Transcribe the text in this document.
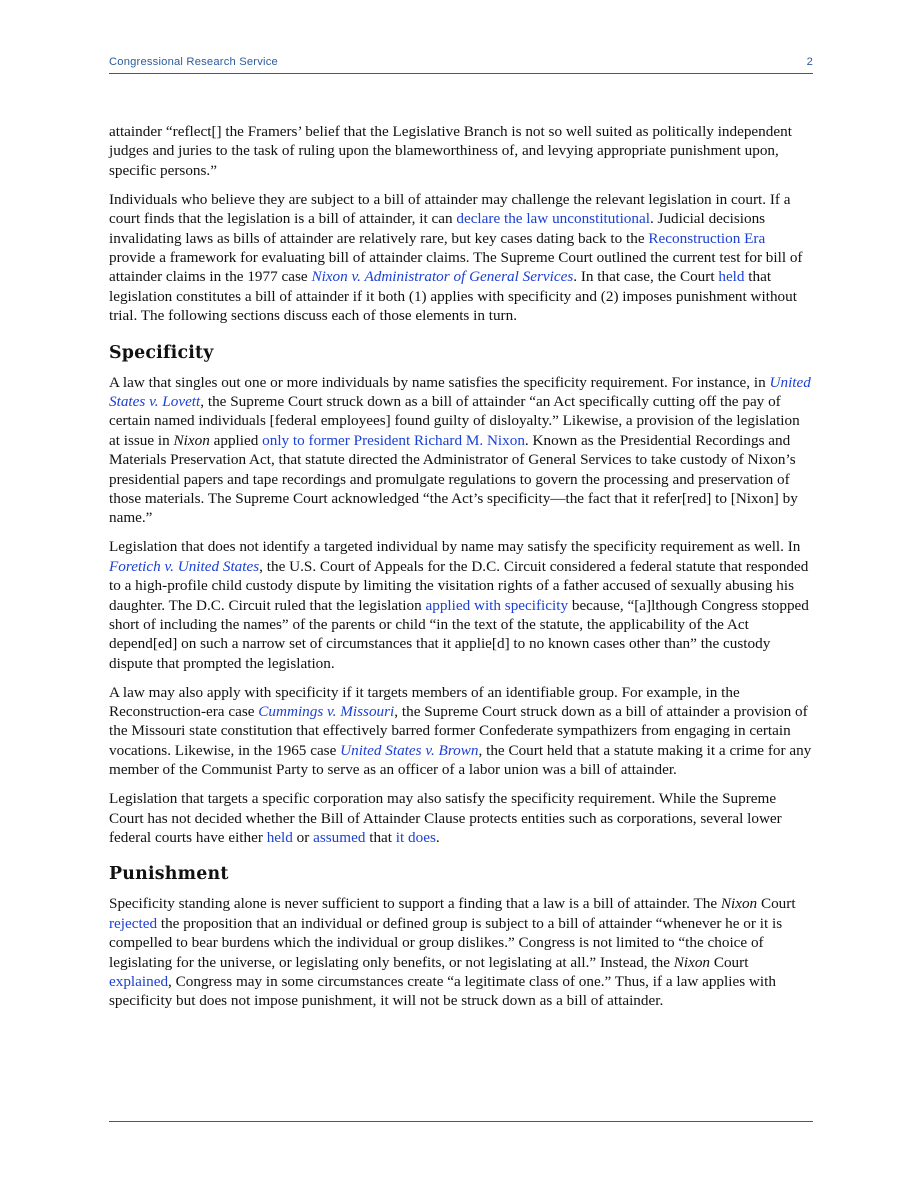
Congressional Research Service	2

attainder “reflect[] the Framers’ belief that the Legislative Branch is not so well suited as politically independent judges and juries to the task of ruling upon the blameworthiness of, and levying appropriate punishment upon, specific persons.”

Individuals who believe they are subject to a bill of attainder may challenge the relevant legislation in court. If a court finds that the legislation is a bill of attainder, it can declare the law unconstitutional. Judicial decisions invalidating laws as bills of attainder are relatively rare, but key cases dating back to the Reconstruction Era provide a framework for evaluating bill of attainder claims. The Supreme Court outlined the current test for bill of attainder claims in the 1977 case Nixon v. Administrator of General Services. In that case, the Court held that legislation constitutes a bill of attainder if it both (1) applies with specificity and (2) imposes punishment without trial. The following sections discuss each of those elements in turn.

Specificity

A law that singles out one or more individuals by name satisfies the specificity requirement. For instance, in United States v. Lovett, the Supreme Court struck down as a bill of attainder “an Act specifically cutting off the pay of certain named individuals [federal employees] found guilty of disloyalty.” Likewise, a provision of the legislation at issue in Nixon applied only to former President Richard M. Nixon. Known as the Presidential Recordings and Materials Preservation Act, that statute directed the Administrator of General Services to take custody of Nixon’s presidential papers and tape recordings and promulgate regulations to govern the processing and preservation of those materials. The Supreme Court acknowledged “the Act’s specificity—the fact that it refer[red] to [Nixon] by name.”

Legislation that does not identify a targeted individual by name may satisfy the specificity requirement as well. In Foretich v. United States, the U.S. Court of Appeals for the D.C. Circuit considered a federal statute that responded to a high-profile child custody dispute by limiting the visitation rights of a father accused of sexually abusing his daughter. The D.C. Circuit ruled that the legislation applied with specificity because, “[a]lthough Congress stopped short of including the names” of the parents or child “in the text of the statute, the applicability of the Act depend[ed] on such a narrow set of circumstances that it applie[d] to no known cases other than” the custody dispute that prompted the legislation.

A law may also apply with specificity if it targets members of an identifiable group. For example, in the Reconstruction-era case Cummings v. Missouri, the Supreme Court struck down as a bill of attainder a provision of the Missouri state constitution that effectively barred former Confederate sympathizers from engaging in certain vocations. Likewise, in the 1965 case United States v. Brown, the Court held that a statute making it a crime for any member of the Communist Party to serve as an officer of a labor union was a bill of attainder.

Legislation that targets a specific corporation may also satisfy the specificity requirement. While the Supreme Court has not decided whether the Bill of Attainder Clause protects entities such as corporations, several lower federal courts have either held or assumed that it does.

Punishment

Specificity standing alone is never sufficient to support a finding that a law is a bill of attainder. The Nixon Court rejected the proposition that an individual or defined group is subject to a bill of attainder “whenever he or it is compelled to bear burdens which the individual or group dislikes.” Congress is not limited to “the choice of legislating for the universe, or legislating only benefits, or not legislating at all.” Instead, the Nixon Court explained, Congress may in some circumstances create “a legitimate class of one.” Thus, if a law applies with specificity but does not impose punishment, it will not be struck down as a bill of attainder.
